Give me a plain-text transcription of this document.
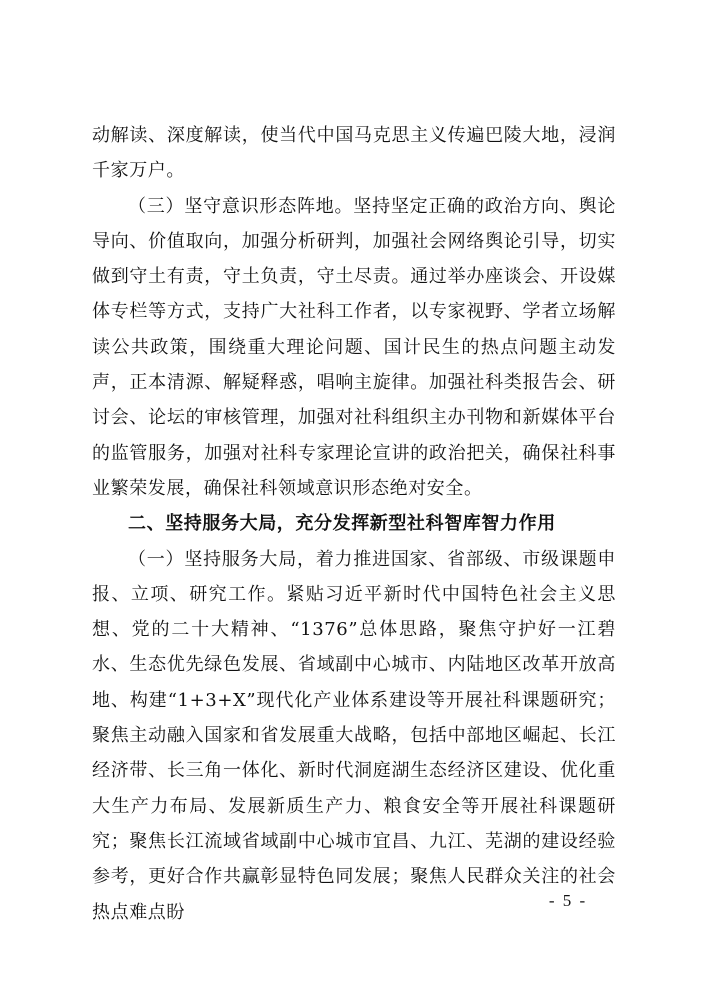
动解读、深度解读，使当代中国马克思主义传遍巴陵大地，浸润千家万户。

（三）坚守意识形态阵地。坚持坚定正确的政治方向、舆论导向、价值取向，加强分析研判，加强社会网络舆论引导，切实做到守土有责，守土负责，守土尽责。通过举办座谈会、开设媒体专栏等方式，支持广大社科工作者，以专家视野、学者立场解读公共政策，围绕重大理论问题、国计民生的热点问题主动发声，正本清源、解疑释惑，唱响主旋律。加强社科类报告会、研讨会、论坛的审核管理，加强对社科组织主办刊物和新媒体平台的监管服务，加强对社科专家理论宣讲的政治把关，确保社科事业繁荣发展，确保社科领域意识形态绝对安全。

二、坚持服务大局，充分发挥新型社科智库智力作用

（一）坚持服务大局，着力推进国家、省部级、市级课题申报、立项、研究工作。紧贴习近平新时代中国特色社会主义思想、党的二十大精神、“1376”总体思路，聚焦守护好一江碧水、生态优先绿色发展、省域副中心城市、内陆地区改革开放高地、构建“1+3+X”现代化产业体系建设等开展社科课题研究；聚焦主动融入国家和省发展重大战略，包括中部地区崛起、长江经济带、长三角一体化、新时代洞庭湖生态经济区建设、优化重大生产力布局、发展新质生产力、粮食安全等开展社科课题研究；聚焦长江流域省域副中心城市宜昌、九江、芜湖的建设经验参考，更好合作共赢彰显特色同发展；聚焦人民群众关注的社会热点难点盼

- 5 -
